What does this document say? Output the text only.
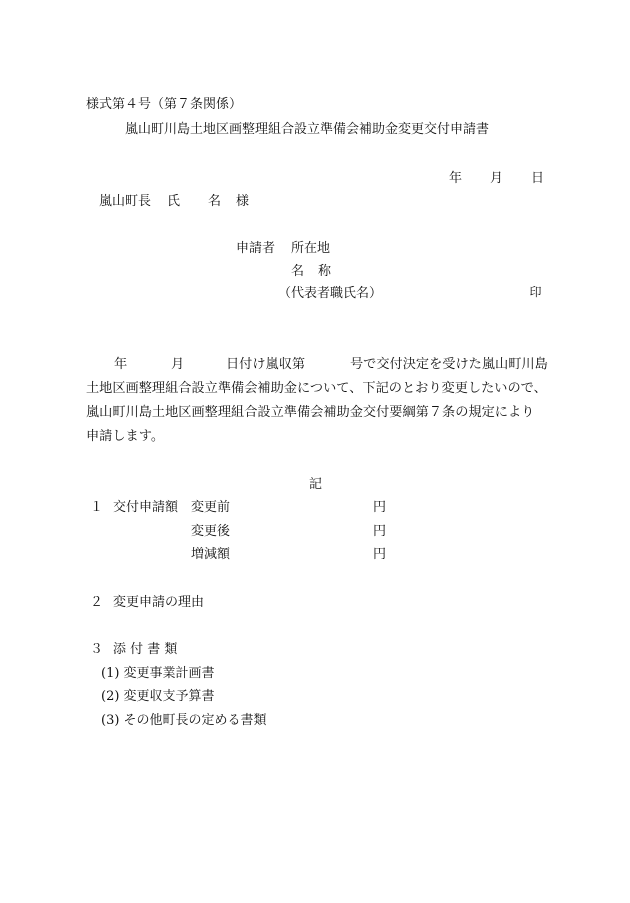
様式第４号（第７条関係）
嵐山町川島土地区画整理組合設立準備会補助金変更交付申請書
年 月 日
嵐山町長 氏 名 様
申請者 所在地
名 称
（代表者職氏名）	印
年	月	日付け嵐収第	号で交付決定を受けた嵐山町川島
土地区画整理組合設立準備会補助金について、下記のとおり変更したいので、
嵐山町川島土地区画整理組合設立準備会補助金交付要綱第７条の規定により
申請します。
記
１ 交付申請額 変更前	円
変更後	円
増減額	円
２ 変更申請の理由
３ 添 付 書 類
(1) 変更事業計画書
(2) 変更収支予算書
(3) その他町長の定める書類
